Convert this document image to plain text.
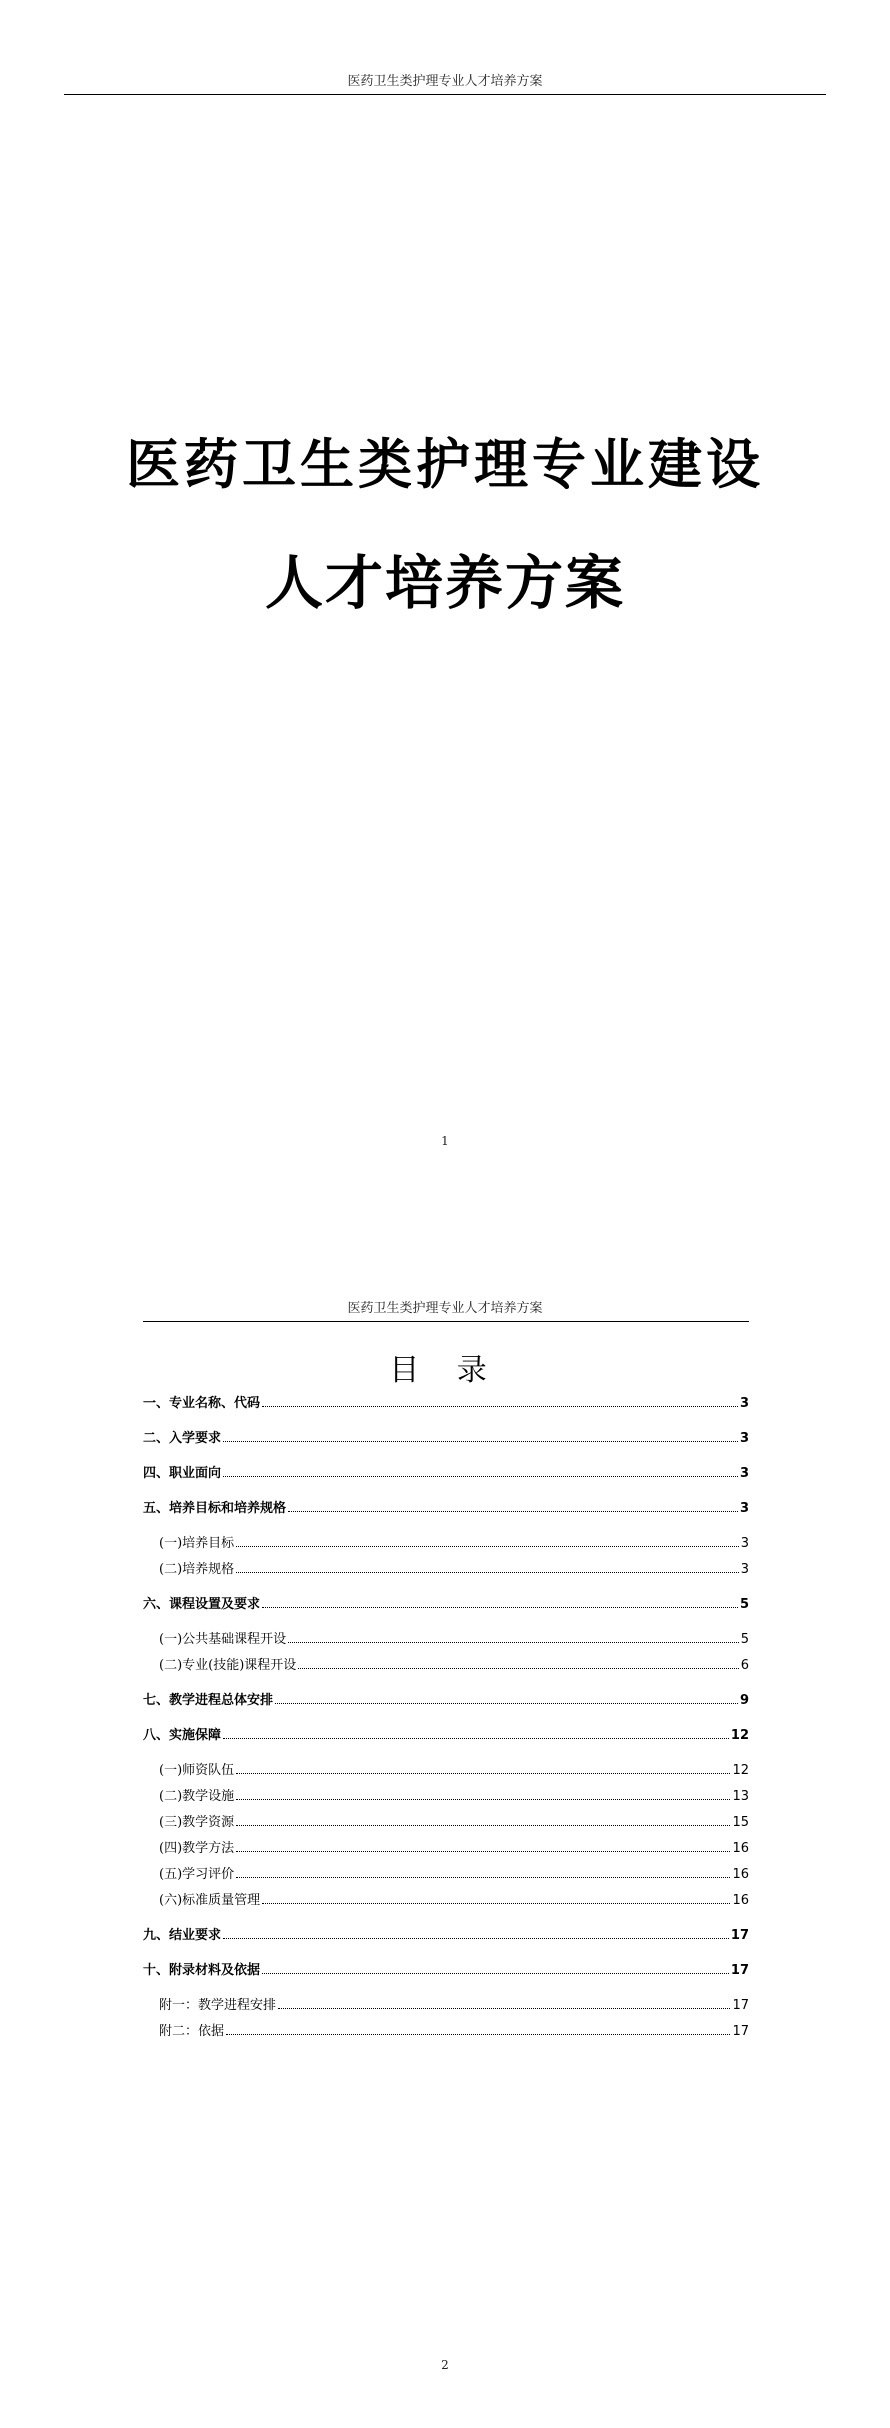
医药卫生类护理专业人才培养方案
医药卫生类护理专业建设
人才培养方案
1
医药卫生类护理专业人才培养方案
目 录
一、专业名称、代码	3
二、入学要求	3
四、职业面向	3
五、培养目标和培养规格	3
(一)培养目标	3
(二)培养规格	3
六、课程设置及要求	5
(一)公共基础课程开设	5
(二)专业(技能)课程开设	6
七、教学进程总体安排	9
八、实施保障	12
(一)师资队伍	12
(二)教学设施	13
(三)教学资源	15
(四)教学方法	16
(五)学习评价	16
(六)标准质量管理	16
九、结业要求	17
十、附录材料及依据	17
附一：教学进程安排	17
附二：依据	17
2
